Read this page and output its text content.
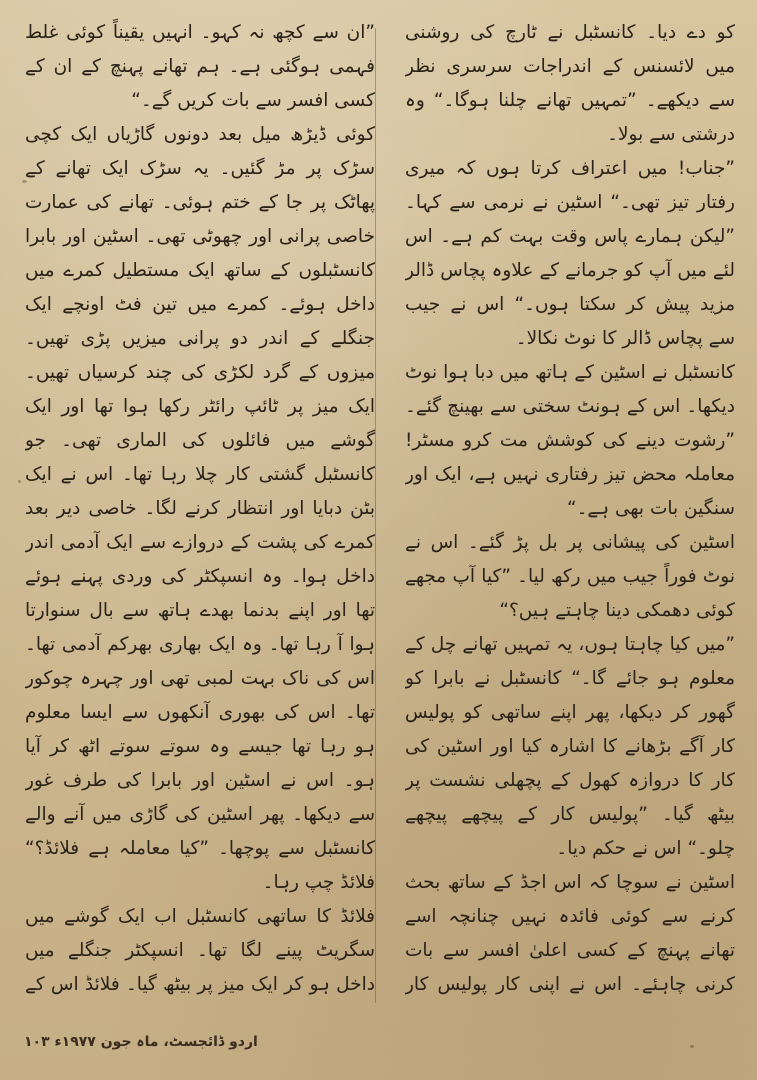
کو دے دیا۔ کانسٹبل نے ٹارچ کی روشنی میں لائسنس کے اندراجات سرسری نظر سے دیکھے۔ ”تمہیں تھانے چلنا ہوگا۔“ وہ درشتی سے بولا۔

”جناب! میں اعتراف کرتا ہوں کہ میری رفتار تیز تھی۔“ اسٹین نے نرمی سے کہا۔ ”لیکن ہمارے پاس وقت بہت کم ہے۔ اس لئے میں آپ کو جرمانے کے علاوہ پچاس ڈالر مزید پیش کر سکتا ہوں۔“ اس نے جیب سے پچاس ڈالر کا نوٹ نکالا۔

کانسٹبل نے اسٹین کے ہاتھ میں دبا ہوا نوٹ دیکھا۔ اس کے ہونٹ سختی سے بھینچ گئے۔ ”رشوت دینے کی کوشش مت کرو مسٹر! معاملہ محض تیز رفتاری نہیں ہے، ایک اور سنگین بات بھی ہے۔“

اسٹین کی پیشانی پر بل پڑ گئے۔ اس نے نوٹ فوراً جیب میں رکھ لیا۔ ”کیا آپ مجھے کوئی دھمکی دینا چاہتے ہیں؟“

”میں کیا چاہتا ہوں، یہ تمہیں تھانے چل کے معلوم ہو جائے گا۔“ کانسٹبل نے بابرا کو گھور کر دیکھا، پھر اپنے ساتھی کو پولیس کار آگے بڑھانے کا اشارہ کیا اور اسٹین کی کار کا دروازہ کھول کے پچھلی نشست پر بیٹھ گیا۔ ”پولیس کار کے پیچھے پیچھے چلو۔“ اس نے حکم دیا۔

اسٹین نے سوچا کہ اس اجڈ کے ساتھ بحث کرنے سے کوئی فائدہ نہیں چنانچہ اسے تھانے پہنچ کے کسی اعلیٰ افسر سے بات کرنی چاہئے۔ اس نے اپنی کار پولیس کار

”ان سے کچھ نہ کہو۔ انہیں یقیناً کوئی غلط فہمی ہوگئی ہے۔ ہم تھانے پہنچ کے ان کے کسی افسر سے بات کریں گے۔“

کوئی ڈیڑھ میل بعد دونوں گاڑیاں ایک کچی سڑک پر مڑ گئیں۔ یہ سڑک ایک تھانے کے پھاٹک پر جا کے ختم ہوئی۔ تھانے کی عمارت خاصی پرانی اور چھوٹی تھی۔ اسٹین اور بابرا کانسٹبلوں کے ساتھ ایک مستطیل کمرے میں داخل ہوئے۔ کمرے میں تین فٹ اونچے ایک جنگلے کے اندر دو پرانی میزیں پڑی تھیں۔ میزوں کے گرد لکڑی کی چند کرسیاں تھیں۔ ایک میز پر ٹائپ رائٹر رکھا ہوا تھا اور ایک گوشے میں فائلوں کی الماری تھی۔ جو کانسٹبل گشتی کار چلا رہا تھا۔ اس نے ایک بٹن دبایا اور انتظار کرنے لگا۔ خاصی دیر بعد کمرے کی پشت کے دروازے سے ایک آدمی اندر داخل ہوا۔ وہ انسپکٹر کی وردی پہنے ہوئے تھا اور اپنے بدنما بھدے ہاتھ سے بال سنوارتا ہوا آ رہا تھا۔ وہ ایک بھاری بھرکم آدمی تھا۔ اس کی ناک بہت لمبی تھی اور چہرہ چوکور تھا۔ اس کی بھوری آنکھوں سے ایسا معلوم ہو رہا تھا جیسے وہ سوتے سوتے اٹھ کر آیا ہو۔ اس نے اسٹین اور بابرا کی طرف غور سے دیکھا۔ پھر اسٹین کی گاڑی میں آنے والے کانسٹبل سے پوچھا۔ ”کیا معاملہ ہے فلائڈ؟“ فلائڈ چپ رہا۔

فلائڈ کا ساتھی کانسٹبل اب ایک گوشے میں سگریٹ پینے لگا تھا۔ انسپکٹر جنگلے میں داخل ہو کر ایک میز پر بیٹھ گیا۔ فلائڈ اس کے

اردو ڈائجسٹ، ماہ جون ۱۹۷۷ء ۱۰۳
